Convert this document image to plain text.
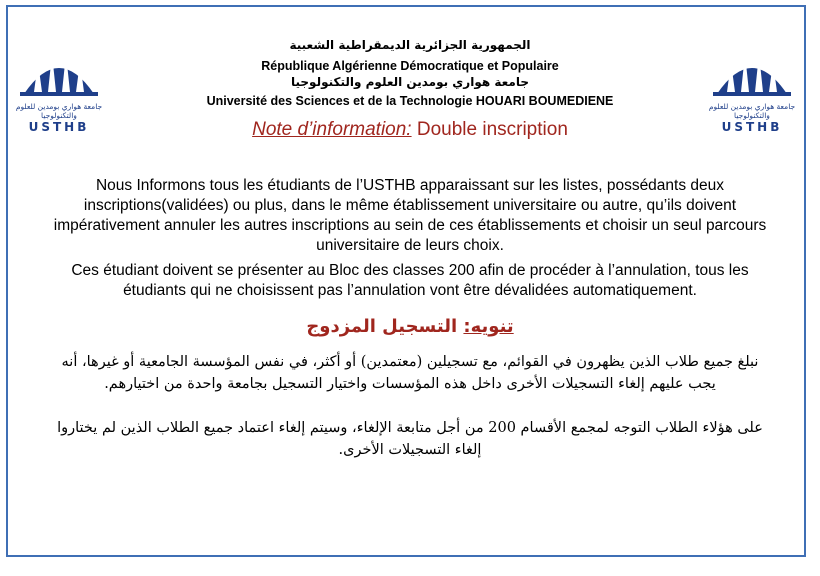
جامعة هواري بومدين للعلوم والتكنولوجيا
USTHB
جامعة هواري بومدين للعلوم والتكنولوجيا
USTHB
الجمهورية الجزائرية الديمقراطية الشعبية
République Algérienne Démocratique et Populaire
جامعة هواري بومدين العلوم والتكنولوجيا
Université des Sciences et de la Technologie HOUARI BOUMEDIENE
Note d’information: Double inscription
Nous Informons tous les étudiants de l’USTHB apparaissant sur les listes, possédants deux inscriptions(validées) ou plus, dans le même établissement universitaire ou autre, qu’ils doivent impérativement annuler les autres inscriptions au sein de ces établissements et choisir un seul parcours universitaire de leurs choix.
Ces étudiant doivent se présenter au Bloc des classes 200 afin de procéder à l’annulation, tous les étudiants qui ne choisissent pas l’annulation vont être dévalidées automatiquement.
تنويه: التسجيل المزدوج
نبلغ جميع طلاب الذين يظهرون في القوائم، مع تسجيلين (معتمدين) أو أكثر، في نفس المؤسسة الجامعية أو غيرها، أنه يجب عليهم إلغاء التسجيلات الأخرى داخل هذه المؤسسات واختيار التسجيل بجامعة واحدة من اختيارهم.
على هؤلاء الطلاب التوجه لمجمع الأقسام 200 من أجل متابعة الإلغاء، وسيتم إلغاء اعتماد جميع الطلاب الذين لم يختاروا إلغاء التسجيلات الأخرى.
